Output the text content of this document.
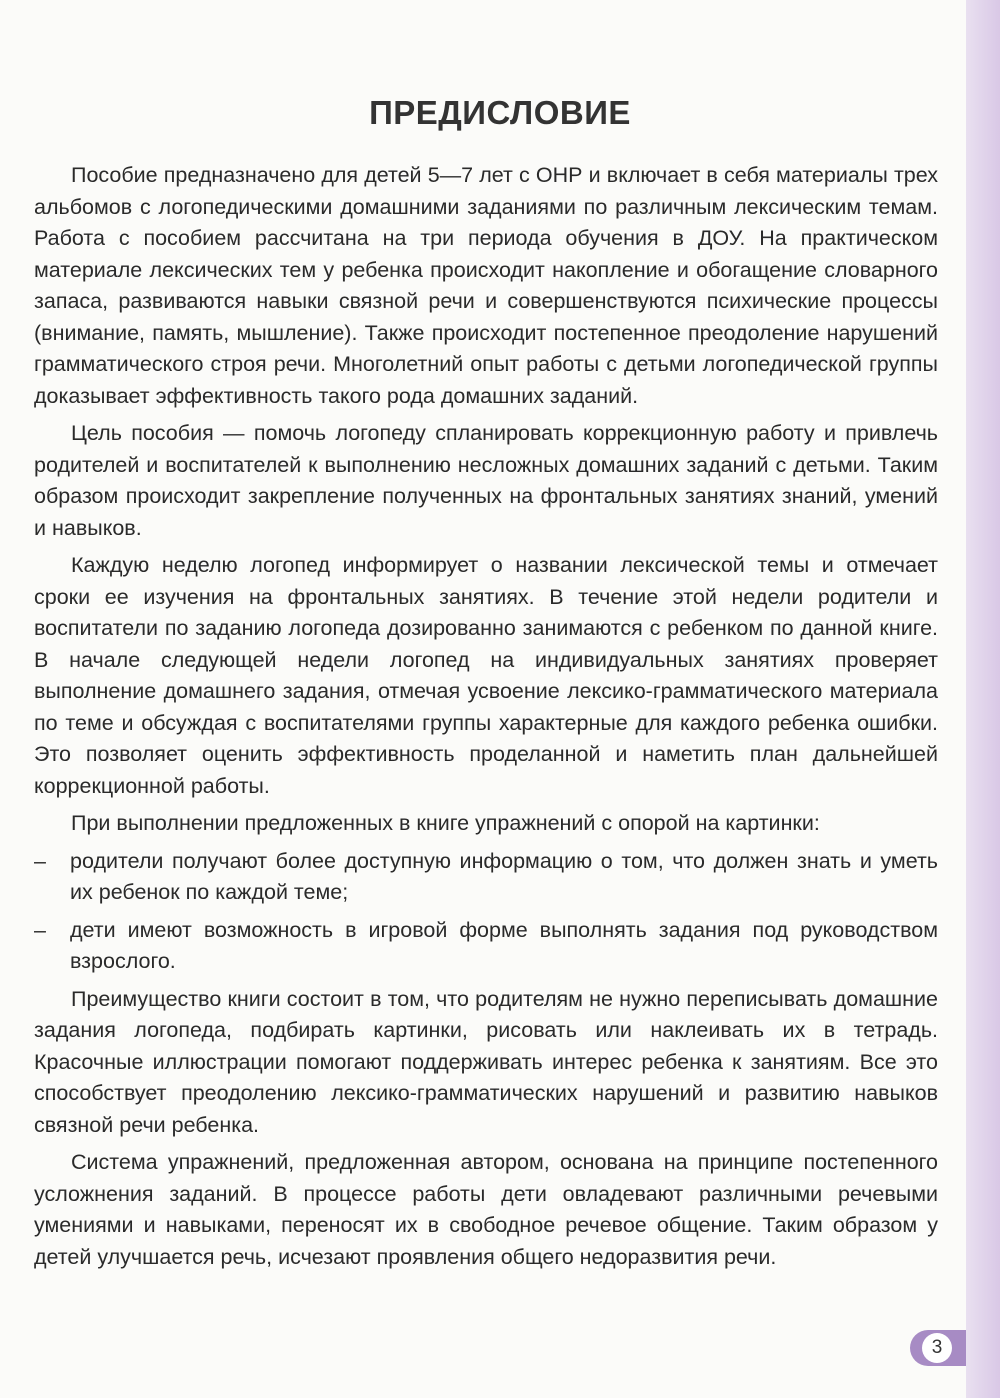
ПРЕДИСЛОВИЕ

Пособие предназначено для детей 5—7 лет с ОНР и включает в себя материалы трех альбомов с логопедическими домашними заданиями по различным лексическим темам. Работа с пособием рассчитана на три периода обучения в ДОУ. На практическом материале лексических тем у ребенка происходит накопление и обогащение словарного запаса, развиваются навыки связной речи и совершенствуются психические процессы (внимание, память, мышление). Также происходит постепенное преодоление нарушений грамматического строя речи. Многолетний опыт работы с детьми логопедической группы доказывает эффективность такого рода домашних заданий.

Цель пособия — помочь логопеду спланировать коррекционную работу и привлечь родителей и воспитателей к выполнению несложных домашних заданий с детьми. Таким образом происходит закрепление полученных на фронтальных занятиях знаний, умений и навыков.

Каждую неделю логопед информирует о названии лексической темы и отмечает сроки ее изучения на фронтальных занятиях. В течение этой недели родители и воспитатели по заданию логопеда дозированно занимаются с ребенком по данной книге. В начале следующей недели логопед на индивидуальных занятиях проверяет выполнение домашнего задания, отмечая усвоение лексико-грамматического материала по теме и обсуждая с воспитателями группы характерные для каждого ребенка ошибки. Это позволяет оценить эффективность проделанной и наметить план дальнейшей коррекционной работы.

При выполнении предложенных в книге упражнений с опорой на картинки:

– родители получают более доступную информацию о том, что должен знать и уметь их ребенок по каждой теме;
– дети имеют возможность в игровой форме выполнять задания под руководством взрослого.

Преимущество книги состоит в том, что родителям не нужно переписывать домашние задания логопеда, подбирать картинки, рисовать или наклеивать их в тетрадь. Красочные иллюстрации помогают поддерживать интерес ребенка к занятиям. Все это способствует преодолению лексико-грамматических нарушений и развитию навыков связной речи ребенка.

Система упражнений, предложенная автором, основана на принципе постепенного усложнения заданий. В процессе работы дети овладевают различными речевыми умениями и навыками, переносят их в свободное речевое общение. Таким образом у детей улучшается речь, исчезают проявления общего недоразвития речи.

3
